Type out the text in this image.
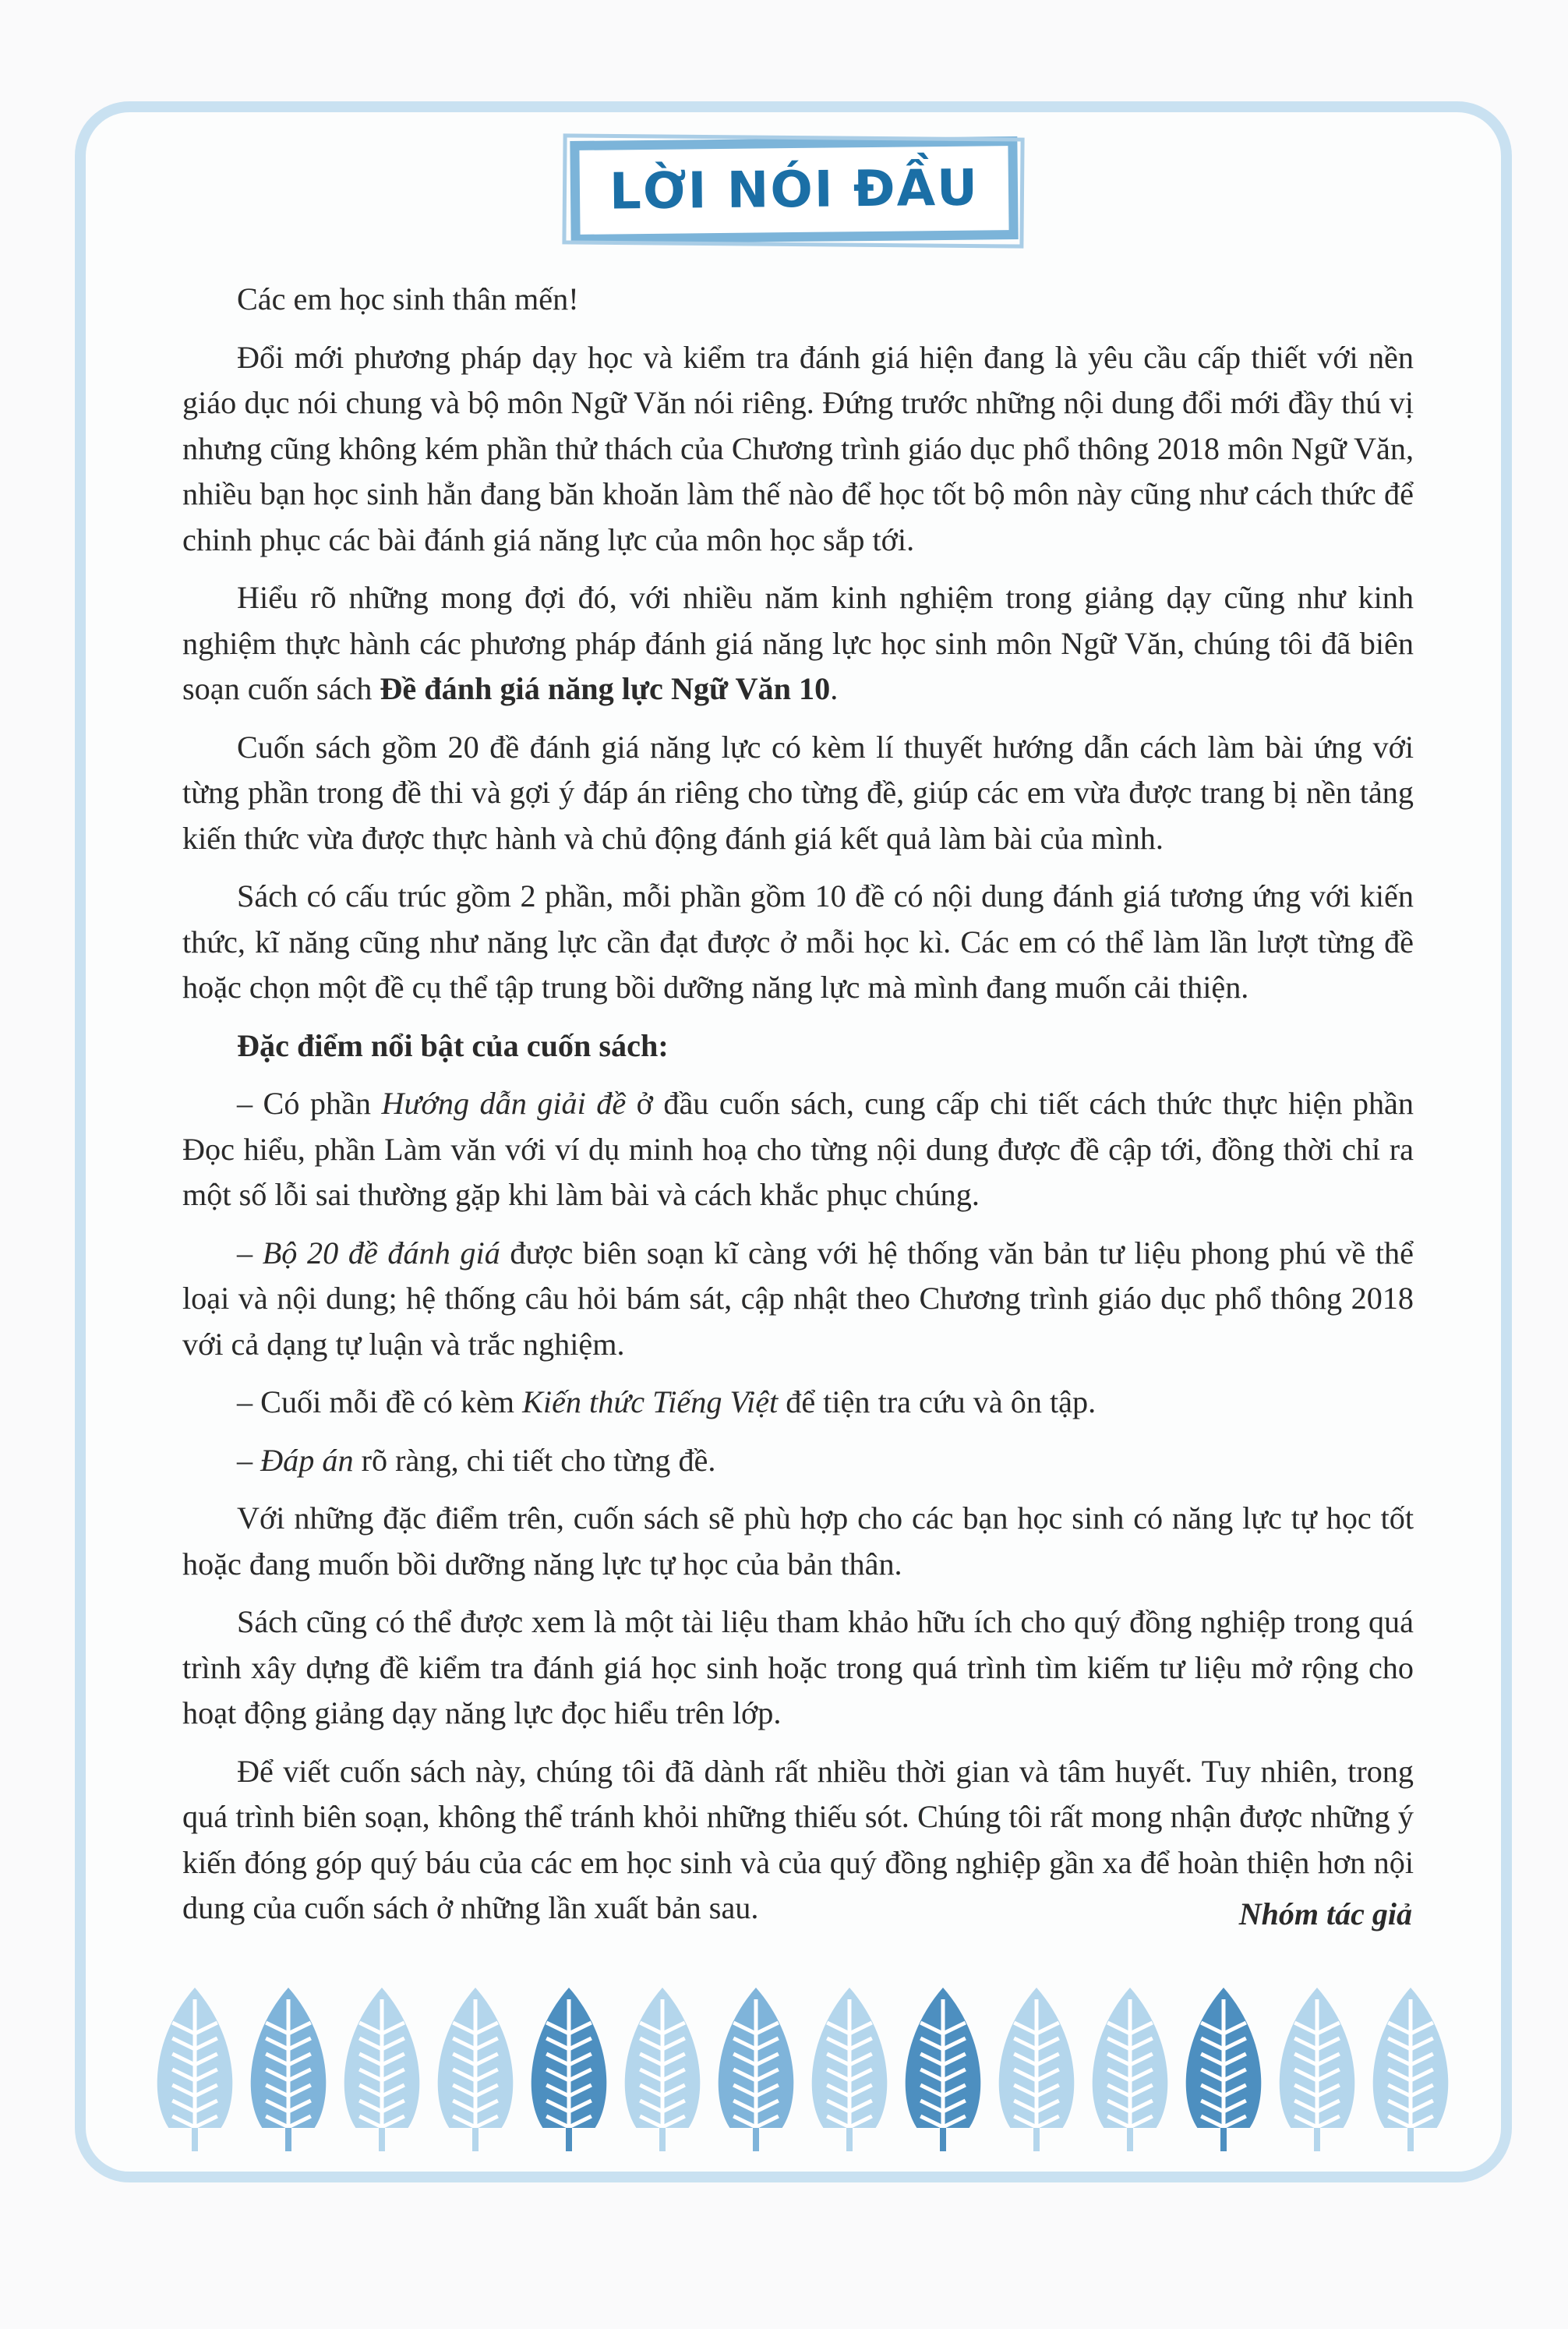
LỜI NÓI ĐẦU

Các em học sinh thân mến!

Đổi mới phương pháp dạy học và kiểm tra đánh giá hiện đang là yêu cầu cấp thiết với nền giáo dục nói chung và bộ môn Ngữ Văn nói riêng. Đứng trước những nội dung đổi mới đầy thú vị nhưng cũng không kém phần thử thách của Chương trình giáo dục phổ thông 2018 môn Ngữ Văn, nhiều bạn học sinh hẳn đang băn khoăn làm thế nào để học tốt bộ môn này cũng như cách thức để chinh phục các bài đánh giá năng lực của môn học sắp tới.

Hiểu rõ những mong đợi đó, với nhiều năm kinh nghiệm trong giảng dạy cũng như kinh nghiệm thực hành các phương pháp đánh giá năng lực học sinh môn Ngữ Văn, chúng tôi đã biên soạn cuốn sách Đề đánh giá năng lực Ngữ Văn 10.

Cuốn sách gồm 20 đề đánh giá năng lực có kèm lí thuyết hướng dẫn cách làm bài ứng với từng phần trong đề thi và gợi ý đáp án riêng cho từng đề, giúp các em vừa được trang bị nền tảng kiến thức vừa được thực hành và chủ động đánh giá kết quả làm bài của mình.

Sách có cấu trúc gồm 2 phần, mỗi phần gồm 10 đề có nội dung đánh giá tương ứng với kiến thức, kĩ năng cũng như năng lực cần đạt được ở mỗi học kì. Các em có thể làm lần lượt từng đề hoặc chọn một đề cụ thể tập trung bồi dưỡng năng lực mà mình đang muốn cải thiện.

Đặc điểm nổi bật của cuốn sách:

– Có phần Hướng dẫn giải đề ở đầu cuốn sách, cung cấp chi tiết cách thức thực hiện phần Đọc hiểu, phần Làm văn với ví dụ minh hoạ cho từng nội dung được đề cập tới, đồng thời chỉ ra một số lỗi sai thường gặp khi làm bài và cách khắc phục chúng.

– Bộ 20 đề đánh giá được biên soạn kĩ càng với hệ thống văn bản tư liệu phong phú về thể loại và nội dung; hệ thống câu hỏi bám sát, cập nhật theo Chương trình giáo dục phổ thông 2018 với cả dạng tự luận và trắc nghiệm.

– Cuối mỗi đề có kèm Kiến thức Tiếng Việt để tiện tra cứu và ôn tập.

– Đáp án rõ ràng, chi tiết cho từng đề.

Với những đặc điểm trên, cuốn sách sẽ phù hợp cho các bạn học sinh có năng lực tự học tốt hoặc đang muốn bồi dưỡng năng lực tự học của bản thân.

Sách cũng có thể được xem là một tài liệu tham khảo hữu ích cho quý đồng nghiệp trong quá trình xây dựng đề kiểm tra đánh giá học sinh hoặc trong quá trình tìm kiếm tư liệu mở rộng cho hoạt động giảng dạy năng lực đọc hiểu trên lớp.

Để viết cuốn sách này, chúng tôi đã dành rất nhiều thời gian và tâm huyết. Tuy nhiên, trong quá trình biên soạn, không thể tránh khỏi những thiếu sót. Chúng tôi rất mong nhận được những ý kiến đóng góp quý báu của các em học sinh và của quý đồng nghiệp gần xa để hoàn thiện hơn nội dung của cuốn sách ở những lần xuất bản sau.	Nhóm tác giả
